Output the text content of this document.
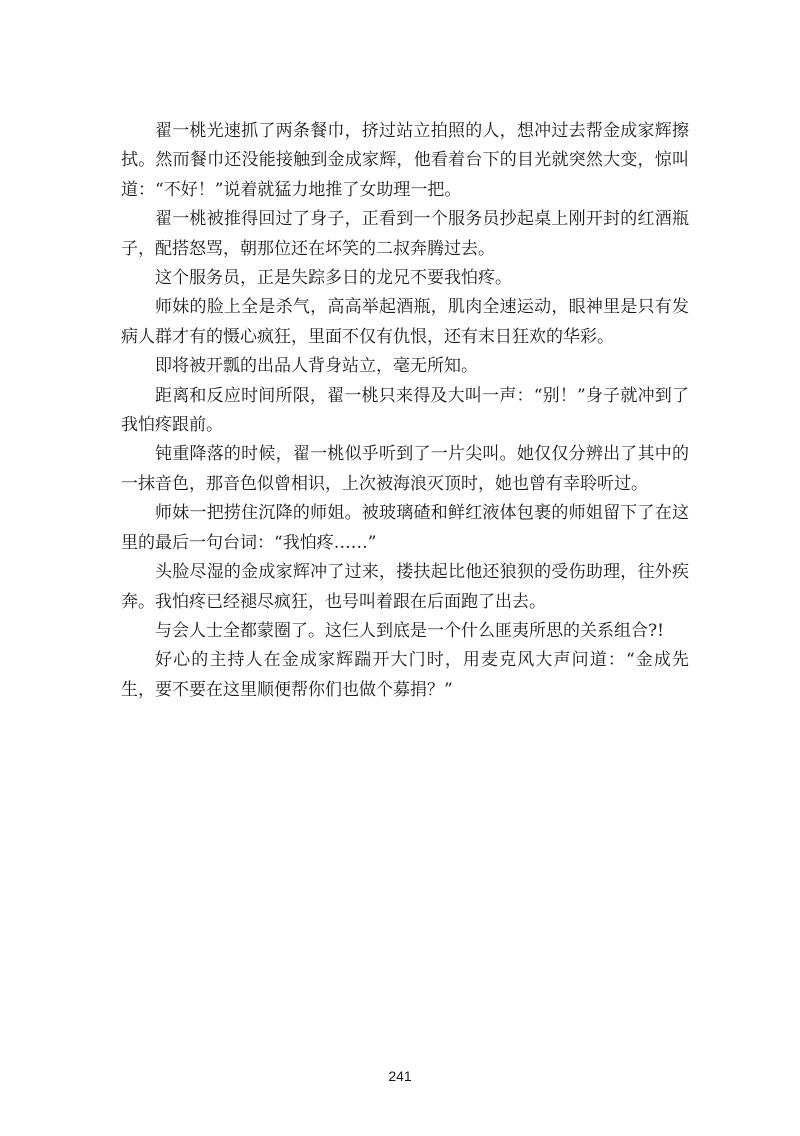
翟一桃光速抓了两条餐巾，挤过站立拍照的人，想冲过去帮金成家辉擦拭。然而餐巾还没能接触到金成家辉，他看着台下的目光就突然大变，惊叫道：“不好！”说着就猛力地推了女助理一把。

翟一桃被推得回过了身子，正看到一个服务员抄起桌上刚开封的红酒瓶子，配搭怒骂，朝那位还在坏笑的二叔奔腾过去。

这个服务员，正是失踪多日的龙兄不要我怕疼。

师妹的脸上全是杀气，高高举起酒瓶，肌肉全速运动，眼神里是只有发病人群才有的慑心疯狂，里面不仅有仇恨，还有末日狂欢的华彩。

即将被开瓢的出品人背身站立，毫无所知。

距离和反应时间所限，翟一桃只来得及大叫一声：“别！”身子就冲到了我怕疼跟前。

钝重降落的时候，翟一桃似乎听到了一片尖叫。她仅仅分辨出了其中的一抹音色，那音色似曾相识，上次被海浪灭顶时，她也曾有幸聆听过。

师妹一把捞住沉降的师姐。被玻璃碴和鲜红液体包裹的师姐留下了在这里的最后一句台词：“我怕疼……”

头脸尽湿的金成家辉冲了过来，搂扶起比他还狼狈的受伤助理，往外疾奔。我怕疼已经褪尽疯狂，也号叫着跟在后面跑了出去。

与会人士全都蒙圈了。这仨人到底是一个什么匪夷所思的关系组合?!

好心的主持人在金成家辉踹开大门时，用麦克风大声问道：“金成先生，要不要在这里顺便帮你们也做个募捐？”

241
